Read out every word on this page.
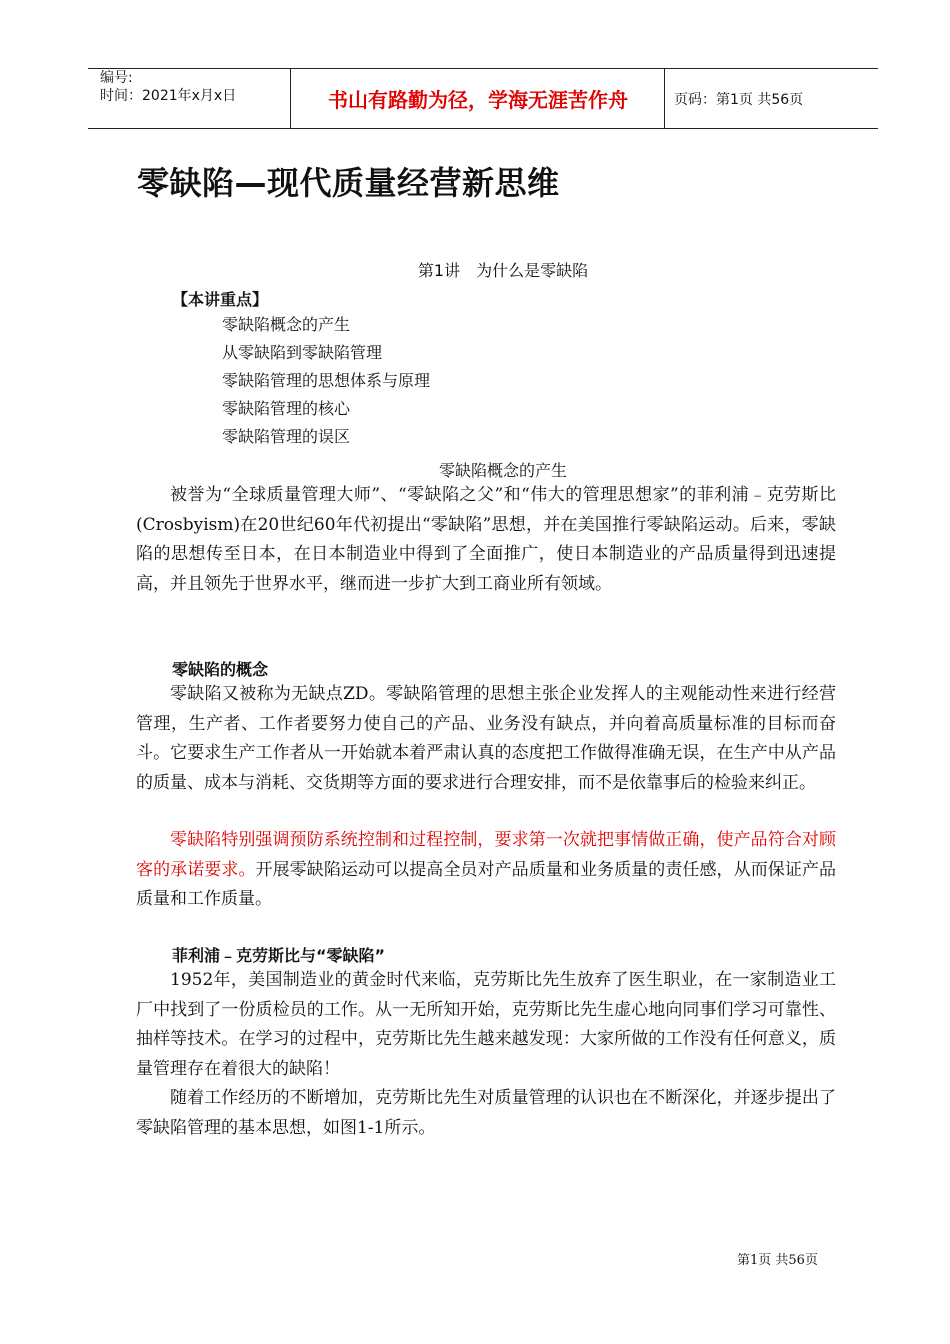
编号:
时间：2021年x月x日	书山有路勤为径，学海无涯苦作舟	页码：第1页 共56页
零缺陷—现代质量经营新思维
第1讲　为什么是零缺陷
【本讲重点】
零缺陷概念的产生
从零缺陷到零缺陷管理
零缺陷管理的思想体系与原理
零缺陷管理的核心
零缺陷管理的误区
零缺陷概念的产生

被誉为“全球质量管理大师”、“零缺陷之父”和“伟大的管理思想家”的菲利浦﹣克劳斯比(Crosbyism)在20世纪60年代初提出“零缺陷”思想，并在美国推行零缺陷运动。后来，零缺陷的思想传至日本，在日本制造业中得到了全面推广，使日本制造业的产品质量得到迅速提高，并且领先于世界水平，继而进一步扩大到工商业所有领域。

零缺陷的概念

零缺陷又被称为无缺点ZD。零缺陷管理的思想主张企业发挥人的主观能动性来进行经营管理，生产者、工作者要努力使自己的产品、业务没有缺点，并向着高质量标准的目标而奋斗。它要求生产工作者从一开始就本着严肃认真的态度把工作做得准确无误，在生产中从产品的质量、成本与消耗、交货期等方面的要求进行合理安排，而不是依靠事后的检验来纠正。

零缺陷特别强调预防系统控制和过程控制，要求第一次就把事情做正确，使产品符合对顾客的承诺要求。开展零缺陷运动可以提高全员对产品质量和业务质量的责任感，从而保证产品质量和工作质量。

菲利浦﹣克劳斯比与“零缺陷”

1952年，美国制造业的黄金时代来临，克劳斯比先生放弃了医生职业，在一家制造业工厂中找到了一份质检员的工作。从一无所知开始，克劳斯比先生虚心地向同事们学习可靠性、抽样等技术。在学习的过程中，克劳斯比先生越来越发现：大家所做的工作没有任何意义，质量管理存在着很大的缺陷！

随着工作经历的不断增加，克劳斯比先生对质量管理的认识也在不断深化，并逐步提出了零缺陷管理的基本思想，如图1-1所示。

第1页 共56页
